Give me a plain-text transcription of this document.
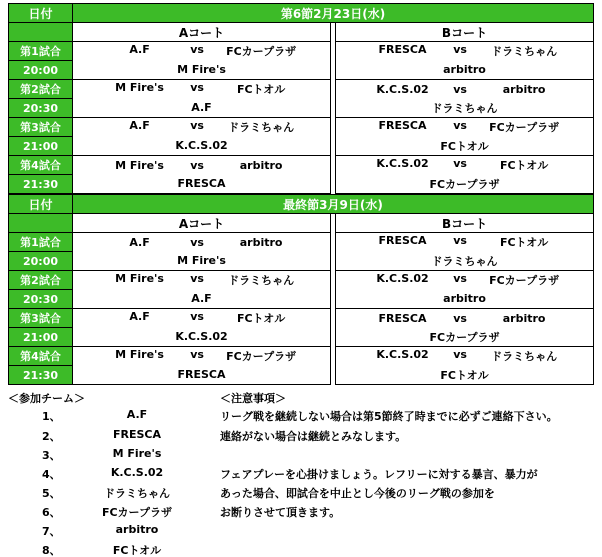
日付	第6節2月23日(水)		
	Aコート		Bコート
第1試合	A.F vs FCカープラザ		FRESCA vs ドラミちゃん

20:00	M Fire's		arbitro
第2試合	M Fire's vs FCトオル		K.C.S.02 vs arbitro

20:30	A.F		ドラミちゃん
第3試合	A.F vs ドラミちゃん		FRESCA vs FCカープラザ

21:00	K.C.S.02		FCトオル
第4試合	M Fire's vs arbitro		K.C.S.02 vs FCトオル

21:30	FRESCA		FCカープラザ
日付	最終節3月9日(水)		
	Aコート		Bコート
第1試合	A.F vs arbitro		FRESCA vs FCトオル

20:00	M Fire's		ドラミちゃん
第2試合	M Fire's vs ドラミちゃん		K.C.S.02 vs FCカープラザ

20:30	A.F		arbitro
第3試合	A.F vs FCトオル		FRESCA vs arbitro

21:00	K.C.S.02		FCカープラザ
第4試合	M Fire's vs FCカープラザ		K.C.S.02 vs ドラミちゃん

21:30	FRESCA		FCトオル
＜参加チーム＞	＜注意事項＞
1、	A.F
2、	FRESCA
3、	M Fire's
4、	K.C.S.02
5、	ドラミちゃん
6、	FCカープラザ
7、	arbitro
8、	FCトオル
リーグ戦を継続しない場合は第5節終了時までに必ずご連絡下さい。
連絡がない場合は継続とみなします。
フェアプレーを心掛けましょう。レフリーに対する暴言、暴力が
あった場合、即試合を中止とし今後のリーグ戦の参加を
お断りさせて頂きます。
